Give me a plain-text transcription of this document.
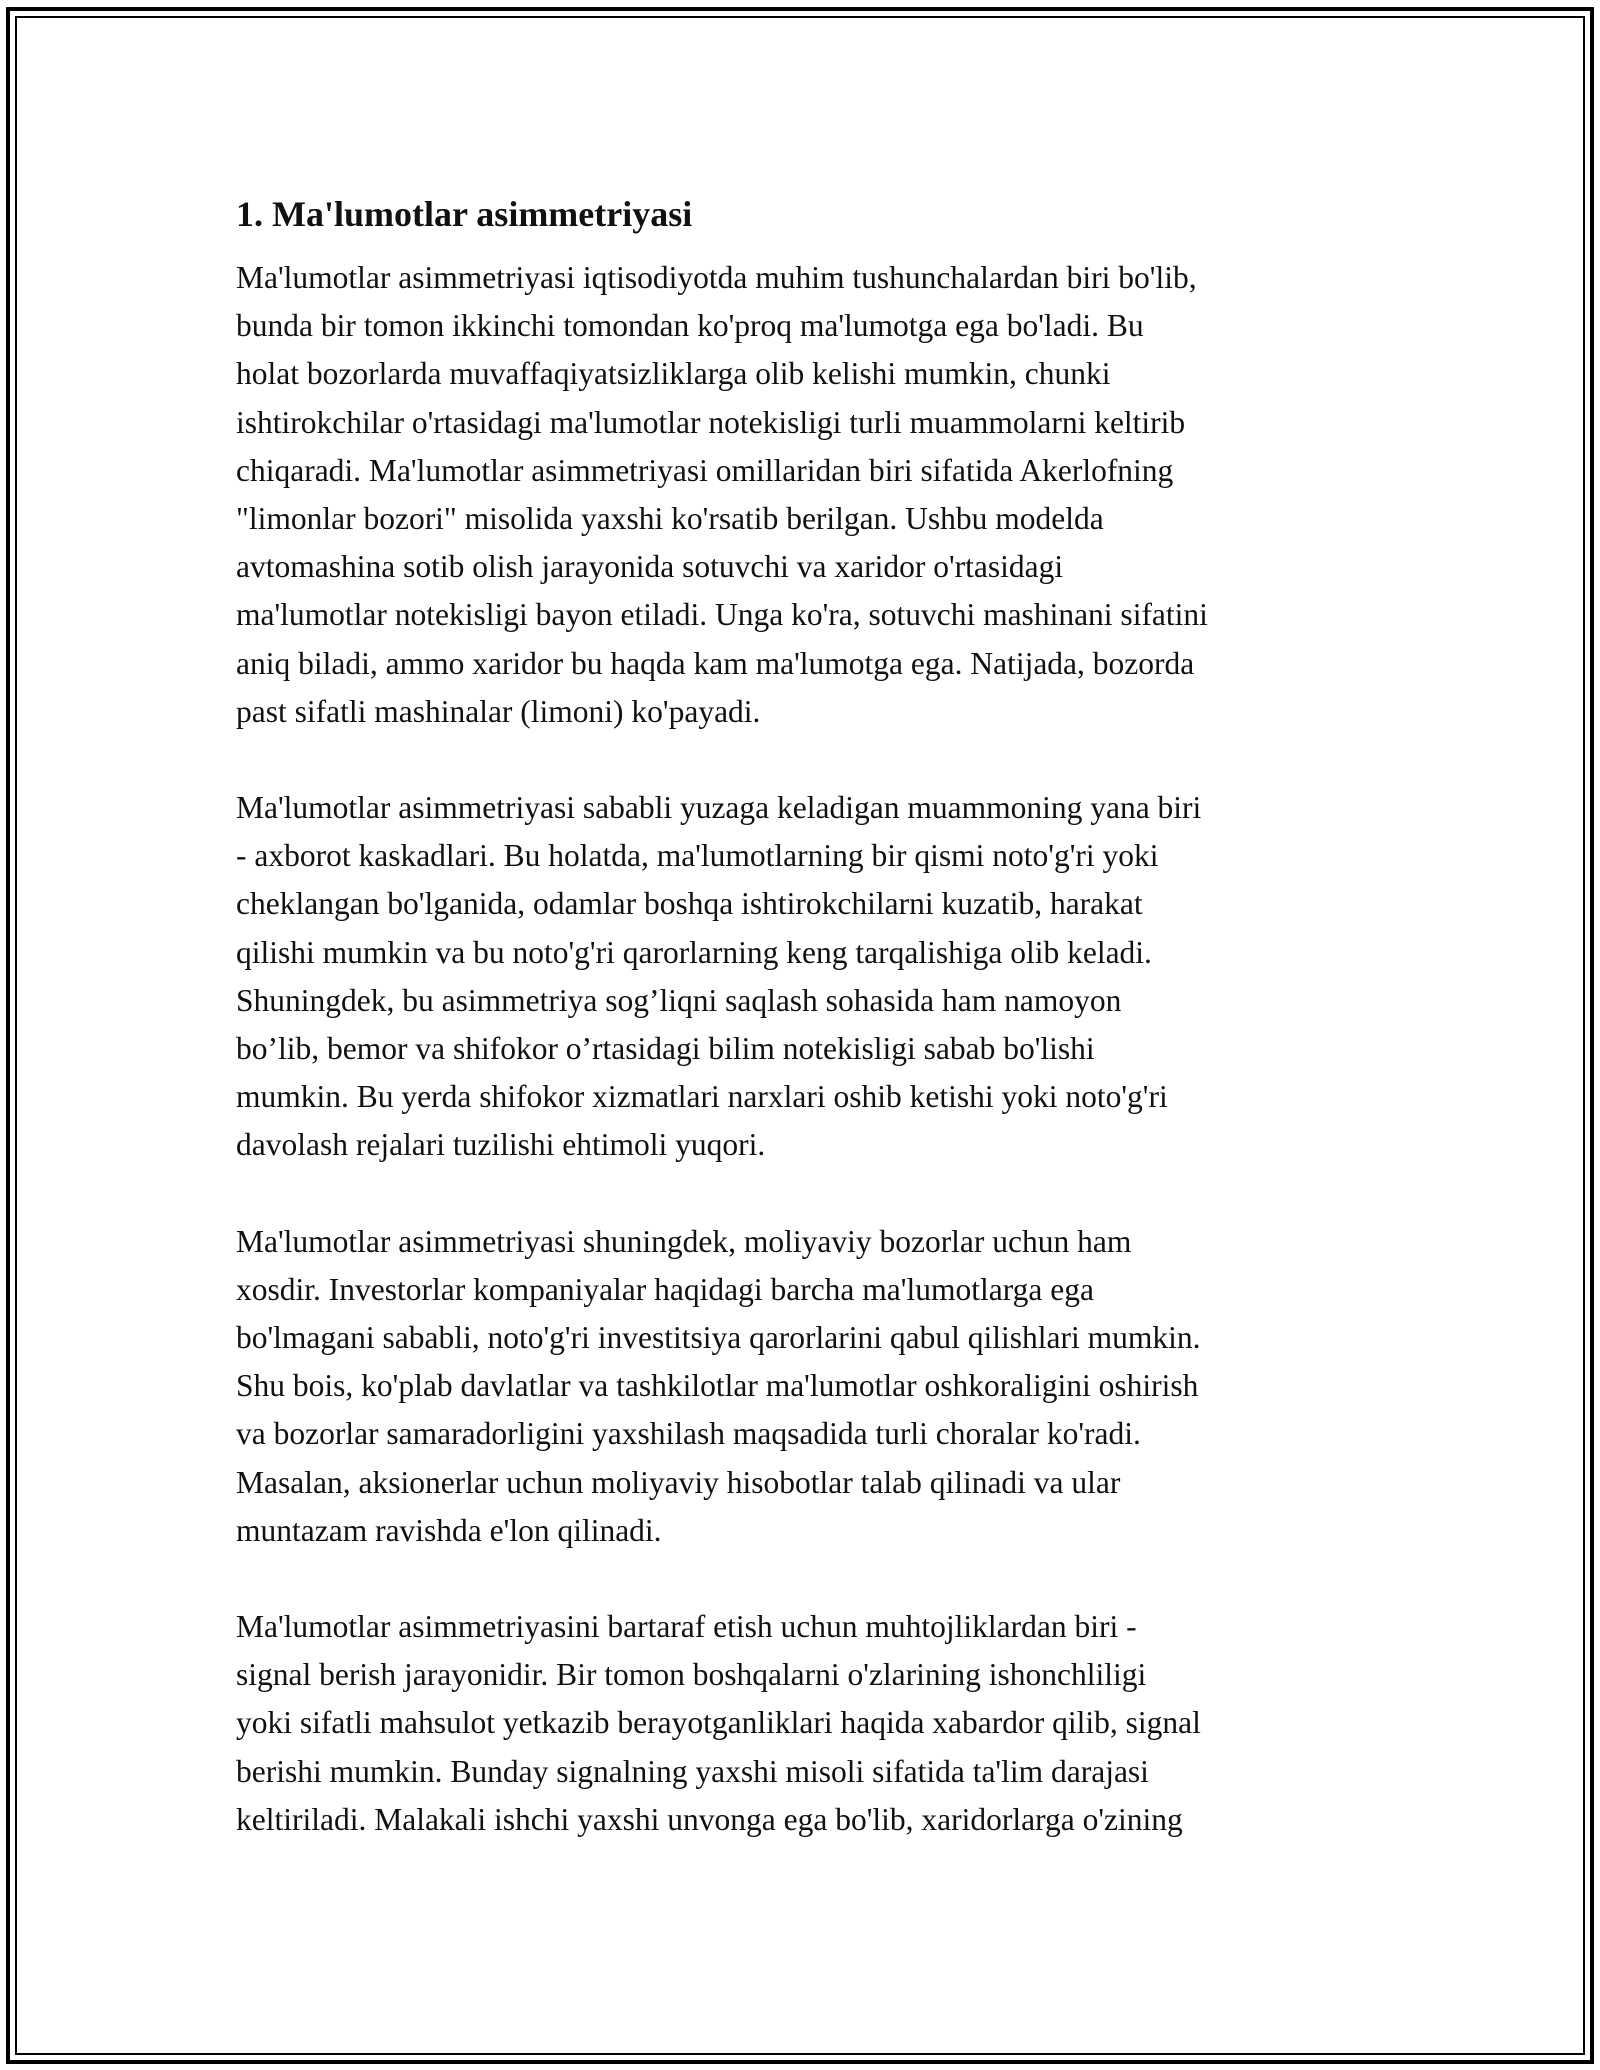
1. Ma'lumotlar asimmetriyasi

Ma'lumotlar asimmetriyasi iqtisodiyotda muhim tushunchalardan biri bo'lib,
bunda bir tomon ikkinchi tomondan ko'proq ma'lumotga ega bo'ladi. Bu
holat bozorlarda muvaffaqiyatsizliklarga olib kelishi mumkin, chunki
ishtirokchilar o'rtasidagi ma'lumotlar notekisligi turli muammolarni keltirib
chiqaradi. Ma'lumotlar asimmetriyasi omillaridan biri sifatida Akerlofning
"limonlar bozori" misolida yaxshi ko'rsatib berilgan. Ushbu modelda
avtomashina sotib olish jarayonida sotuvchi va xaridor o'rtasidagi
ma'lumotlar notekisligi bayon etiladi. Unga ko'ra, sotuvchi mashinani sifatini
aniq biladi, ammo xaridor bu haqda kam ma'lumotga ega. Natijada, bozorda
past sifatli mashinalar (limoni) ko'payadi.

Ma'lumotlar asimmetriyasi sababli yuzaga keladigan muammoning yana biri
- axborot kaskadlari. Bu holatda, ma'lumotlarning bir qismi noto'g'ri yoki
cheklangan bo'lganida, odamlar boshqa ishtirokchilarni kuzatib, harakat
qilishi mumkin va bu noto'g'ri qarorlarning keng tarqalishiga olib keladi.
Shuningdek, bu asimmetriya sog’liqni saqlash sohasida ham namoyon
bo’lib, bemor va shifokor o’rtasidagi bilim notekisligi sabab bo'lishi
mumkin. Bu yerda shifokor xizmatlari narxlari oshib ketishi yoki noto'g'ri
davolash rejalari tuzilishi ehtimoli yuqori.

Ma'lumotlar asimmetriyasi shuningdek, moliyaviy bozorlar uchun ham
xosdir. Investorlar kompaniyalar haqidagi barcha ma'lumotlarga ega
bo'lmagani sababli, noto'g'ri investitsiya qarorlarini qabul qilishlari mumkin.
Shu bois, ko'plab davlatlar va tashkilotlar ma'lumotlar oshkoraligini oshirish
va bozorlar samaradorligini yaxshilash maqsadida turli choralar ko'radi.
Masalan, aksionerlar uchun moliyaviy hisobotlar talab qilinadi va ular
muntazam ravishda e'lon qilinadi.

Ma'lumotlar asimmetriyasini bartaraf etish uchun muhtojliklardan biri -
signal berish jarayonidir. Bir tomon boshqalarni o'zlarining ishonchliligi
yoki sifatli mahsulot yetkazib berayotganliklari haqida xabardor qilib, signal
berishi mumkin. Bunday signalning yaxshi misoli sifatida ta'lim darajasi
keltiriladi. Malakali ishchi yaxshi unvonga ega bo'lib, xaridorlarga o'zining
